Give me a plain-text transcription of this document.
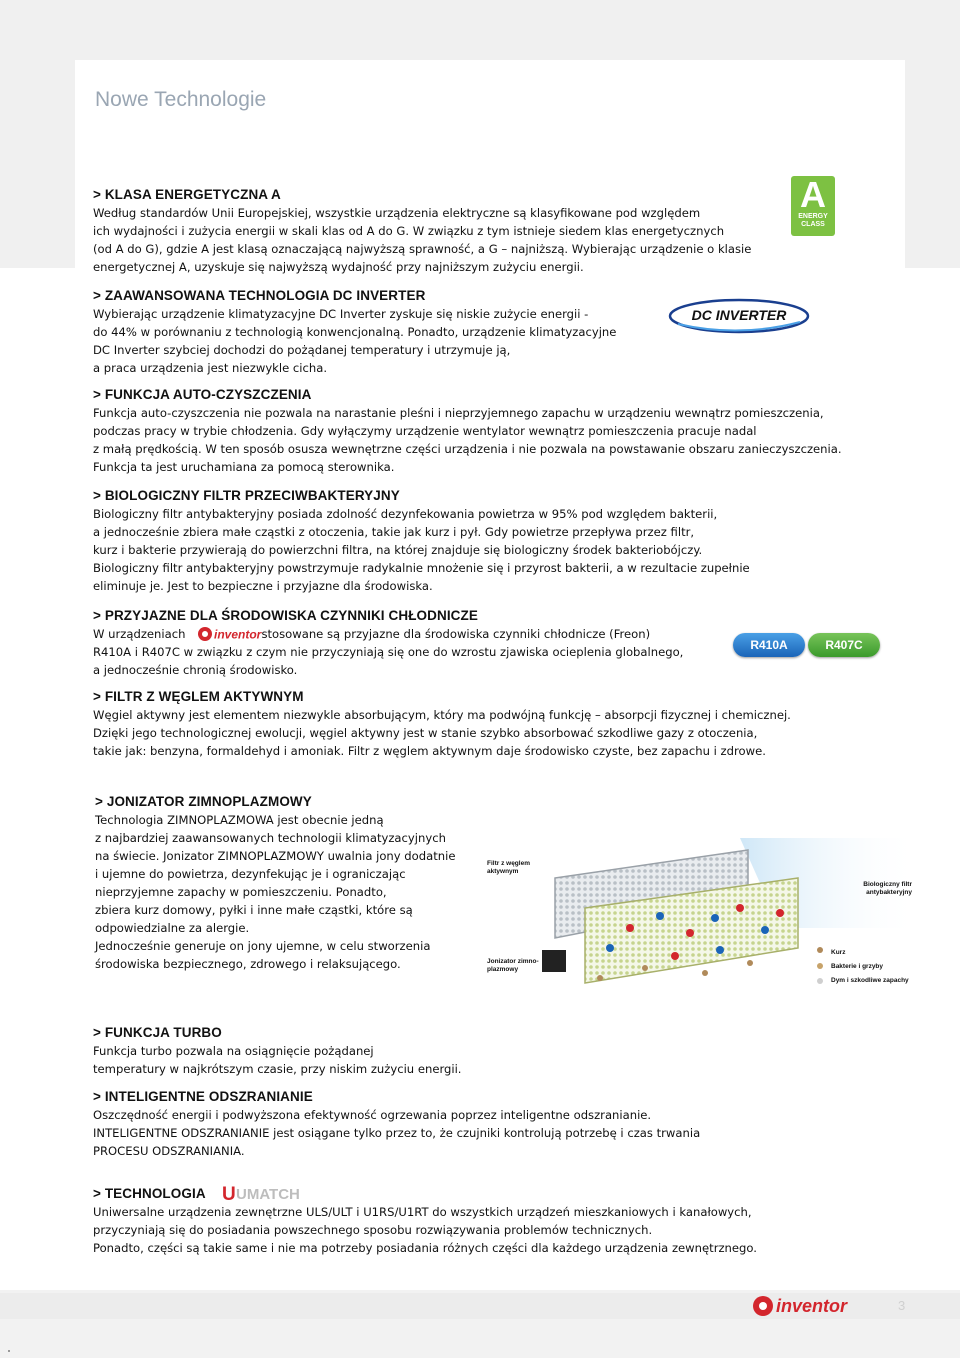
Nowe Technologie
> KLASA ENERGETYCZNA A
Według standardów Unii Europejskiej, wszystkie urządzenia elektryczne są klasyfikowane pod względem
ich wydajności i zużycia energii w skali klas od A do G. W związku z tym istnieje siedem klas energetycznych
(od A do G), gdzie A jest klasą oznaczającą najwyższą sprawność, a G – najniższą. Wybierając urządzenie o klasie
energetycznej A, uzyskuje się najwyższą wydajność przy najniższym zużyciu energii.
A
ENERGY
CLASS
> ZAAWANSOWANA TECHNOLOGIA DC INVERTER
Wybierając urządzenie klimatyzacyjne DC Inverter zyskuje się niskie zużycie energii -
do 44% w porównaniu z technologią konwencjonalną. Ponadto, urządzenie klimatyzacyjne
DC Inverter szybciej dochodzi do pożądanej temperatury i utrzymuje ją,
a praca urządzenia jest niezwykle cicha.
DC INVERTER
> FUNKCJA AUTO-CZYSZCZENIA
Funkcja auto-czyszczenia nie pozwala na narastanie pleśni i nieprzyjemnego zapachu w urządzeniu wewnątrz pomieszczenia,
podczas pracy w trybie chłodzenia. Gdy wyłączymy urządzenie wentylator wewnątrz pomieszczenia pracuje nadal
z małą prędkością. W ten sposób osusza wewnętrzne części urządzenia i nie pozwala na powstawanie obszaru zanieczyszczenia.
Funkcja ta jest uruchamiana za pomocą sterownika.
> BIOLOGICZNY FILTR PRZECIWBAKTERYJNY
Biologiczny filtr antybakteryjny posiada zdolność dezynfekowania powietrza w 95% pod względem bakterii,
a jednocześnie zbiera małe cząstki z otoczenia, takie jak kurz i pył. Gdy powietrze przepływa przez filtr,
kurz i bakterie przywierają do powierzchni filtra, na której znajduje się biologiczny środek bakteriobójczy.
Biologiczny filtr antybakteryjny powstrzymuje radykalnie mnożenie się i przyrost bakterii, a w rezultacie zupełnie
eliminuje je. Jest to bezpieczne i przyjazne dla środowiska.
> PRZYJAZNE DLA ŚRODOWISKA CZYNNIKI CHŁODNICZE
W urządzeniach	stosowane są przyjazne dla środowiska czynniki chłodnicze (Freon)
R410A i R407C w związku z czym nie przyczyniają się one do wzrostu zjawiska ocieplenia globalnego,
a jednocześnie chronią środowisko.
inventor
R410A	R407C
> FILTR Z WĘGLEM AKTYWNYM
Węgiel aktywny jest elementem niezwykle absorbującym, który ma podwójną funkcję – absorpcji fizycznej i chemicznej.
Dzięki jego technologicznej ewolucji, węgiel aktywny jest w stanie szybko absorbować szkodliwe gazy z otoczenia,
takie jak: benzyna, formaldehyd i amoniak. Filtr z węglem aktywnym daje środowisko czyste, bez zapachu i zdrowe.
> JONIZATOR ZIMNOPLAZMOWY
Technologia ZIMNOPLAZMOWA jest obecnie jedną
z najbardziej zaawansowanych technologii klimatyzacyjnych
na świecie. Jonizator ZIMNOPLAZMOWY uwalnia jony dodatnie
i ujemne do powietrza, dezynfekując je i ograniczając
nieprzyjemne zapachy w pomieszczeniu. Ponadto,
zbiera kurz domowy, pyłki i inne małe cząstki, które są
odpowiedzialne za alergie.
Jednocześnie generuje on jony ujemne, w celu stworzenia
środowiska bezpiecznego, zdrowego i relaksującego.
Filtr z węglem
aktywnym
Jonizator zimno-
plazmowy
Biologiczny filtr
antybakteryjny
Kurz
Bakterie i grzyby
Dym i szkodliwe zapachy
> FUNKCJA TURBO
Funkcja turbo pozwala na osiągnięcie pożądanej
temperatury w najkrótszym czasie, przy niskim zużyciu energii.
> INTELIGENTNE ODSZRANIANIE
Oszczędność energii i podwyższona efektywność ogrzewania poprzez inteligentne odszranianie.
INTELIGENTNE ODSZRANIANIE jest osiągane tylko przez to, że czujniki kontrolują potrzebę i czas trwania
PROCESU ODSZRANIANIA.
> TECHNOLOGIA
Uniwersalne urządzenia zewnętrzne ULS/ULT i U1RS/U1RT do wszystkich urządzeń mieszkaniowych i kanałowych,
przyczyniają się do posiadania powszechnego sposobu rozwiązywania problemów technicznych.
Ponadto, części są takie same i nie ma potrzeby posiadania różnych części dla każdego urządzenia zewnętrznego.
U UMATCH
inventor	3
